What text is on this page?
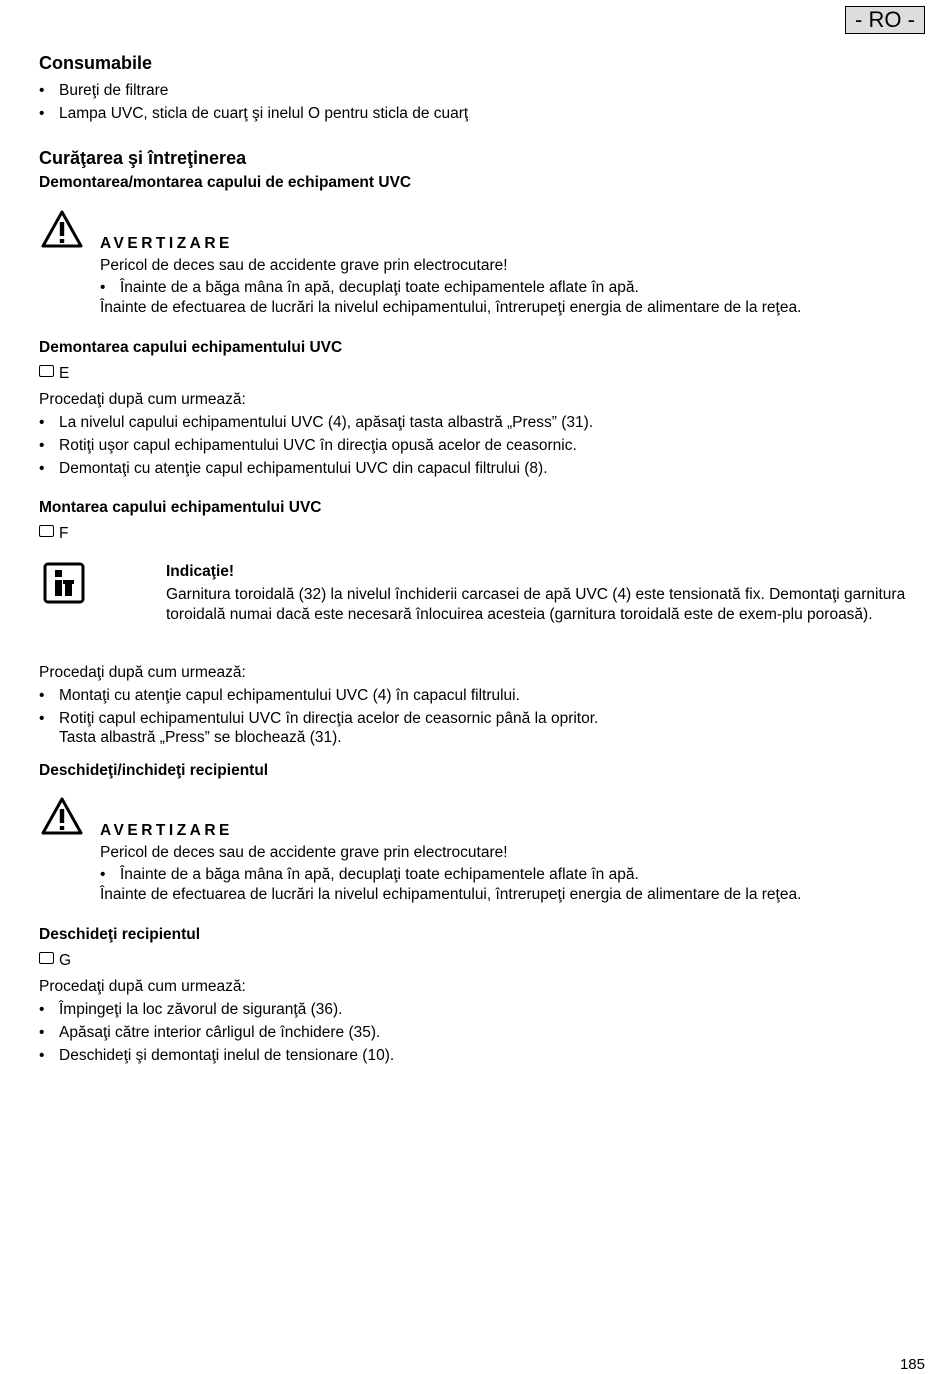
- RO -
Consumabile
• Bureţi de filtrare
• Lampa UVC, sticla de cuarţ şi inelul O pentru sticla de cuarţ
Curăţarea şi întreţinerea
Demontarea/montarea capului de echipament UVC
AVERTIZARE
Pericol de deces sau de accidente grave prin electrocutare!
• Înainte de a băga mâna în apă, decuplaţi toate echipamentele aflate în apă.
Înainte de efectuarea de lucrări la nivelul echipamentului, întrerupeţi energia de alimentare de la reţea.
Demontarea capului echipamentului UVC
E
Procedaţi după cum urmează:
• La nivelul capului echipamentului UVC (4), apăsaţi tasta albastră „Press” (31).
• Rotiţi uşor capul echipamentului UVC în direcţia opusă acelor de ceasornic.
• Demontaţi cu atenţie capul echipamentului UVC din capacul filtrului (8).
Montarea capului echipamentului UVC
F
Indicaţie!
Garnitura toroidală (32) la nivelul închiderii carcasei de apă UVC (4) este tensionată fix. Demontaţi garnitura toroidală numai dacă este necesară înlocuirea acesteia (garnitura toroidală este de exem-plu poroasă).
Procedaţi după cum urmează:
• Montaţi cu atenţie capul echipamentului UVC (4) în capacul filtrului.
• Rotiţi capul echipamentului UVC în direcţia acelor de ceasornic până la opritor.
Tasta albastră „Press” se blochează (31).
Deschideţi/inchideţi recipientul
AVERTIZARE
Pericol de deces sau de accidente grave prin electrocutare!
• Înainte de a băga mâna în apă, decuplaţi toate echipamentele aflate în apă.
Înainte de efectuarea de lucrări la nivelul echipamentului, întrerupeţi energia de alimentare de la reţea.
Deschideţi recipientul
G
Procedaţi după cum urmează:
• Împingeţi la loc zăvorul de siguranţă (36).
• Apăsaţi către interior cârligul de închidere (35).
• Deschideţi şi demontaţi inelul de tensionare (10).
185
